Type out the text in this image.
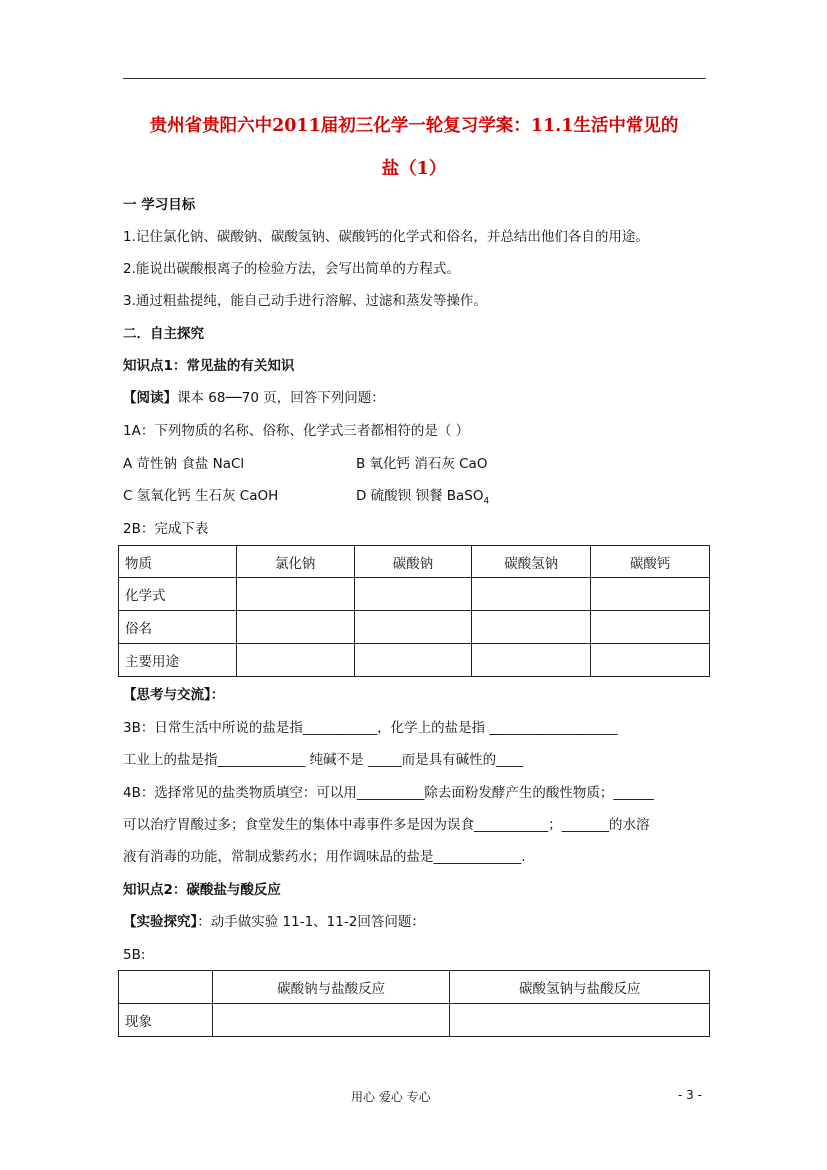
贵州省贵阳六中2011届初三化学一轮复习学案：11.1生活中常见的
盐（1）
一 学习目标
1.记住氯化钠、碳酸钠、碳酸氢钠、碳酸钙的化学式和俗名，并总结出他们各自的用途。
2.能说出碳酸根离子的检验方法，会写出简单的方程式。
3.通过粗盐提纯，能自己动手进行溶解、过滤和蒸发等操作。
二．自主探究
知识点1：常见盐的有关知识
【阅读】课本 68──70 页，回答下列问题：
1A：下列物质的名称、俗称、化学式三者都相符的是（ ）
A 苛性钠 食盐 NaCl	B 氧化钙 消石灰 CaO
C 氢氧化钙 生石灰 CaOH	D 硫酸钡 钡餐 BaSO$_4$
2B：完成下表
物质	氯化钠	碳酸钠	碳酸氢钠	碳酸钙
化学式				
俗名				
主要用途				
【思考与交流】：
3B：日常生活中所说的盐是指___________，化学上的盐是指 ___________________
工业上的盐是指_____________ 纯碱不是 _____而是具有碱性的____
4B：选择常见的盐类物质填空：可以用__________除去面粉发酵产生的酸性物质；______
可以治疗胃酸过多；食堂发生的集体中毒事件多是因为误食___________；_______的水溶
液有消毒的功能，常制成紫药水；用作调味品的盐是_____________.
知识点2：碳酸盐与酸反应
【实验探究】：动手做实验 11-1、11-2回答问题：
5B:
	碳酸钠与盐酸反应	碳酸氢钠与盐酸反应
现象		
用心 爱心 专心	- 3 -
